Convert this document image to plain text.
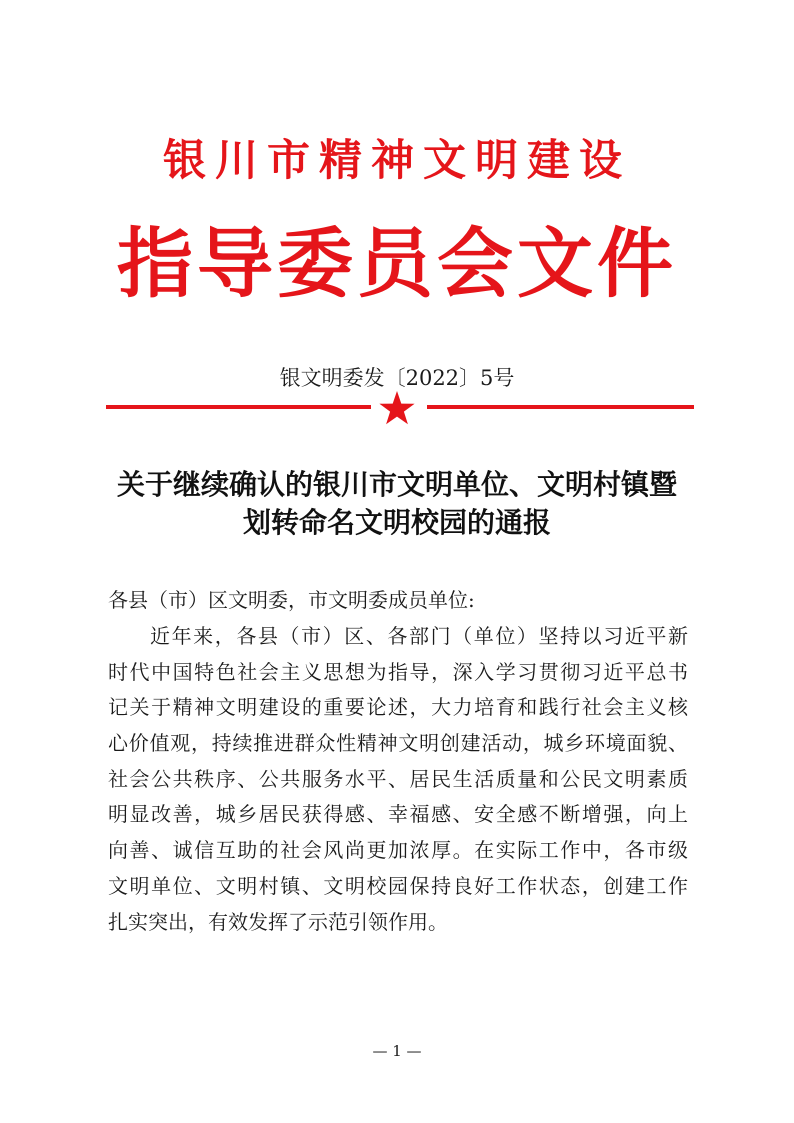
银川市精神文明建设
指导委员会文件
银文明委发〔2022〕5号
关于继续确认的银川市文明单位、文明村镇暨
划转命名文明校园的通报
各县（市）区文明委，市文明委成员单位:
近年来，各县（市）区、各部门（单位）坚持以习近平新
时代中国特色社会主义思想为指导，深入学习贯彻习近平总书
记关于精神文明建设的重要论述，大力培育和践行社会主义核
心价值观，持续推进群众性精神文明创建活动，城乡环境面貌、
社会公共秩序、公共服务水平、居民生活质量和公民文明素质
明显改善，城乡居民获得感、幸福感、安全感不断增强，向上
向善、诚信互助的社会风尚更加浓厚。在实际工作中，各市级
文明单位、文明村镇、文明校园保持良好工作状态，创建工作
扎实突出，有效发挥了示范引领作用。
— 1 —
